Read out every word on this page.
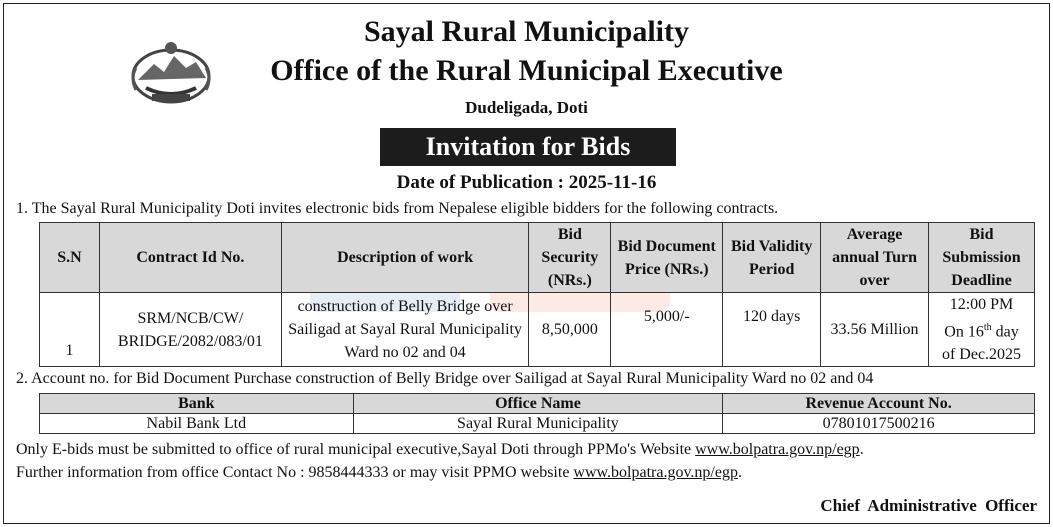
Sayal Rural Municipality
Office of the Rural Municipal Executive
Dudeligada, Doti
Invitation for Bids
Date of Publication : 2025-11-16
1. The Sayal Rural Municipality Doti invites electronic bids from Nepalese eligible bidders for the following contracts.
S.N	Contract Id No.	Description of work	Bid Security (NRs.)	Bid Document Price (NRs.)	Bid Validity Period	Average annual Turn over	Bid Submission Deadline
1	SRM/NCB/CW/ BRIDGE/2082/083/01	construction of Belly Bridge over Sailigad at Sayal Rural Municipality Ward no 02 and 04	8,50,000	5,000/-	120 days	33.56 Million	12:00 PM
On 16th day
of Dec.2025
2. Account no. for Bid Document Purchase construction of Belly Bridge over Sailigad at Sayal Rural Municipality Ward no 02 and 04
Bank	Office Name	Revenue Account No.
Nabil Bank Ltd	Sayal Rural Municipality	07801017500216
Only E-bids must be submitted to office of rural municipal executive,Sayal Doti through PPMo's Website www.bolpatra.gov.np/egp.
Further information from office Contact No : 9858444333 or may visit PPMO website www.bolpatra.gov.np/egp.
Chief Administrative Officer
